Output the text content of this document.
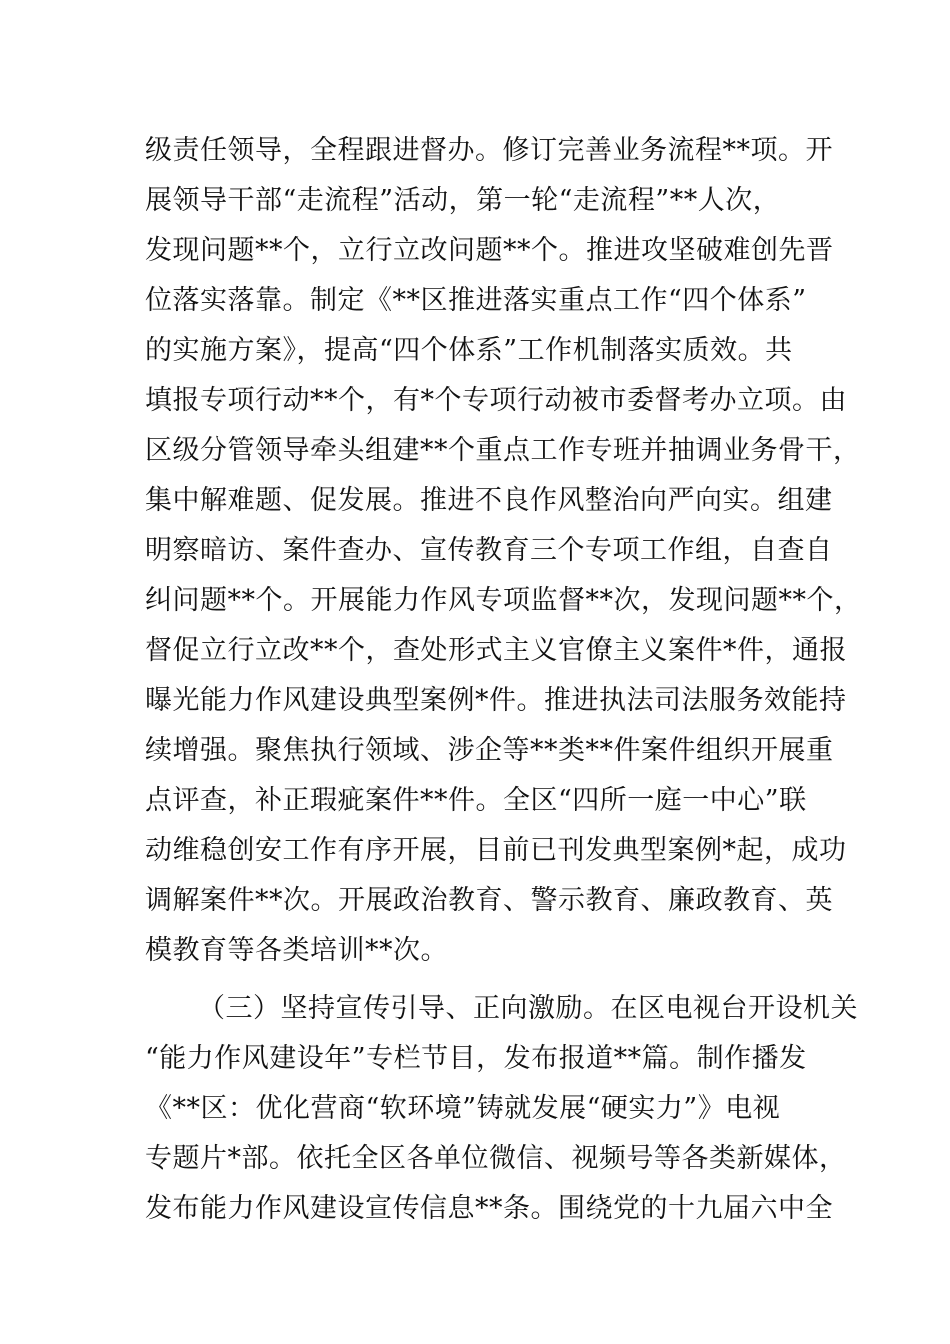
级责任领导，全程跟进督办。修订完善业务流程**项。开
展领导干部“走流程”活动，第一轮“走流程”**人次，
发现问题**个，立行立改问题**个。推进攻坚破难创先晋
位落实落靠。制定《**区推进落实重点工作“四个体系”
的实施方案》，提高“四个体系”工作机制落实质效。共
填报专项行动**个，有*个专项行动被市委督考办立项。由
区级分管领导牵头组建**个重点工作专班并抽调业务骨干，
集中解难题、促发展。推进不良作风整治向严向实。组建
明察暗访、案件查办、宣传教育三个专项工作组，自查自
纠问题**个。开展能力作风专项监督**次，发现问题**个，
督促立行立改**个，查处形式主义官僚主义案件*件，通报
曝光能力作风建设典型案例*件。推进执法司法服务效能持
续增强。聚焦执行领域、涉企等**类**件案件组织开展重
点评查，补正瑕疵案件**件。全区“四所一庭一中心”联
动维稳创安工作有序开展，目前已刊发典型案例*起，成功
调解案件**次。开展政治教育、警示教育、廉政教育、英
模教育等各类培训**次。
（三）坚持宣传引导、正向激励。在区电视台开设机关
“能力作风建设年”专栏节目，发布报道**篇。制作播发
《**区：优化营商“软环境”铸就发展“硬实力”》电视
专题片*部。依托全区各单位微信、视频号等各类新媒体，
发布能力作风建设宣传信息**条。围绕党的十九届六中全
